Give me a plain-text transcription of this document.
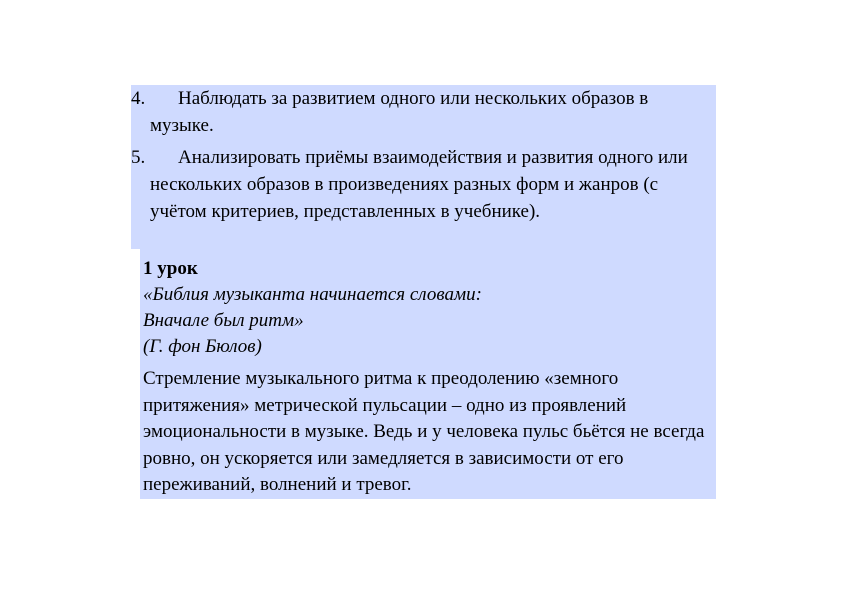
4.	Наблюдать за развитием одного или нескольких образов в музыке.

5.	Анализировать приёмы взаимодействия и развития одного или нескольких образов в произведениях разных форм и жанров (с учётом критериев, представленных в учебнике).

1 урок

«Библия музыканта начинается словами:
Вначале был ритм»
(Г. фон Бюлов)

Стремление музыкального ритма к преодолению «земного притяжения» метрической пульсации – одно из проявлений эмоциональности в музыке. Ведь и у человека пульс бьётся не всегда ровно, он ускоряется или замедляется в зависимости от его переживаний, волнений и тревог.
